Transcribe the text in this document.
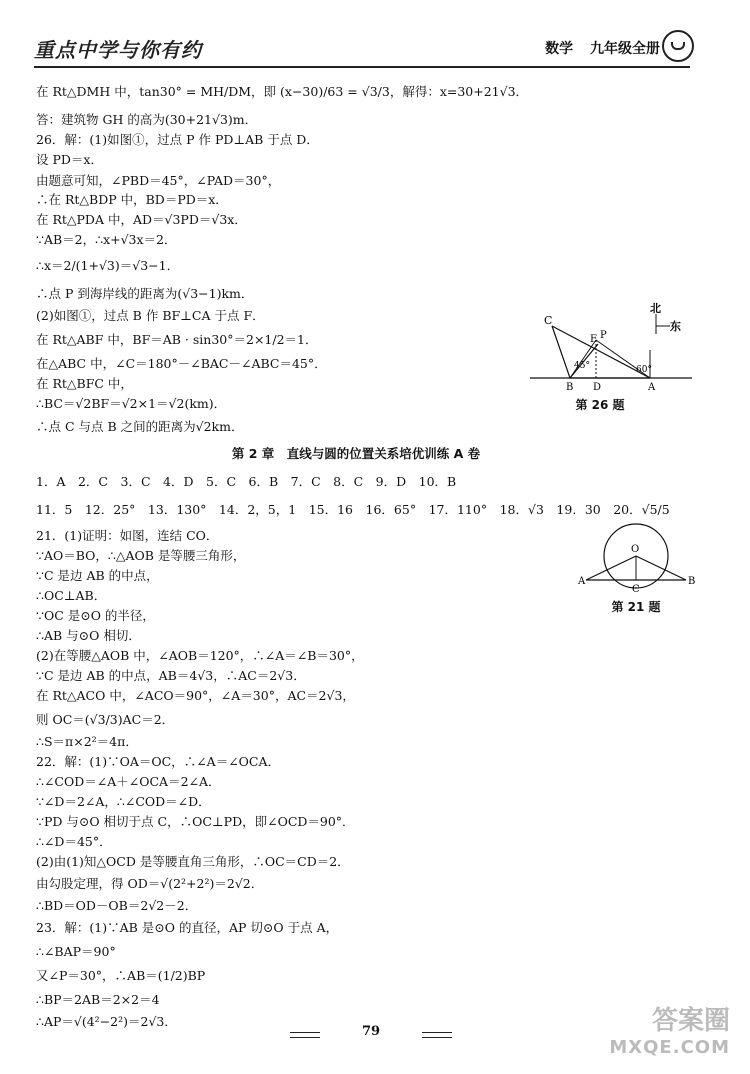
重点中学与你有约	数学 九年级全册
在 Rt△DMH 中，tan30° = MH/DM，即 (x−30)/63 = √3/3，解得：x=30+21√3．
答：建筑物 GH 的高为(30+21√3)m．
26．解：(1)如图①，过点 P 作 PD⊥AB 于点 D．
设 PD＝x．
由题意可知，∠PBD＝45°，∠PAD＝30°，
∴在 Rt△BDP 中，BD＝PD＝x．
在 Rt△PDA 中，AD＝√3PD＝√3x．
∵AB＝2，∴x+√3x＝2．
∴x＝2/(1+√3)＝√3−1．
∴点 P 到海岸线的距离为(√3−1)km．
(2)如图①，过点 B 作 BF⊥CA 于点 F．
在 Rt△ABF 中，BF＝AB · sin30°＝2×1/2＝1．
在△ABC 中，∠C＝180°－∠BAC－∠ABC＝45°．
在 Rt△BFC 中，
∴BC＝√2BF＝√2×1＝√2(km)．
∴点 C 与点 B 之间的距离为√2km．
第 2 章　直线与圆的位置关系培优训练 A 卷
1．A　2．C　3．C　4．D　5．C　6．B　7．C　8．C　9．D　10．B
11．5　12．25°　13．130°　14．2，5，1　15．16　16．65°　17．110°　18．√3　19．30　20．√5/5
21．(1)证明：如图，连结 CO．
∵AO＝BO，∴△AOB 是等腰三角形，
∵C 是边 AB 的中点，
∴OC⊥AB．
∵OC 是⊙O 的半径，
∴AB 与⊙O 相切．
(2)在等腰△AOB 中，∠AOB＝120°，∴∠A＝∠B＝30°，
∵C 是边 AB 的中点，AB＝4√3，∴AC＝2√3．
在 Rt△ACO 中，∠ACO＝90°，∠A＝30°，AC＝2√3，
则 OC＝(√3/3)AC＝2．
∴S＝π×2²＝4π．
22．解：(1)∵OA＝OC，∴∠A＝∠OCA．
∴∠COD＝∠A＋∠OCA＝2∠A．
∵∠D＝2∠A，∴∠COD＝∠D．
∵PD 与⊙O 相切于点 C，∴OC⊥PD，即∠OCD＝90°．
∴∠D＝45°．
(2)由(1)知△OCD 是等腰直角三角形，∴OC＝CD＝2．
由勾股定理，得 OD＝√(2²+2²)＝2√2．
∴BD＝OD－OB＝2√2－2．
23．解：(1)∵AB 是⊙O 的直径，AP 切⊙O 于点 A，
∴∠BAP＝90°
又∠P＝30°，∴AB＝(1/2)BP
∴BP＝2AB＝2×2＝4
∴AP＝√(4²−2²)＝2√3．
C
F P
B D	A
45°	60°
北
东
第 26 题
O
A	B
C
第 21 题
79	答案圈
MXQE.COM
